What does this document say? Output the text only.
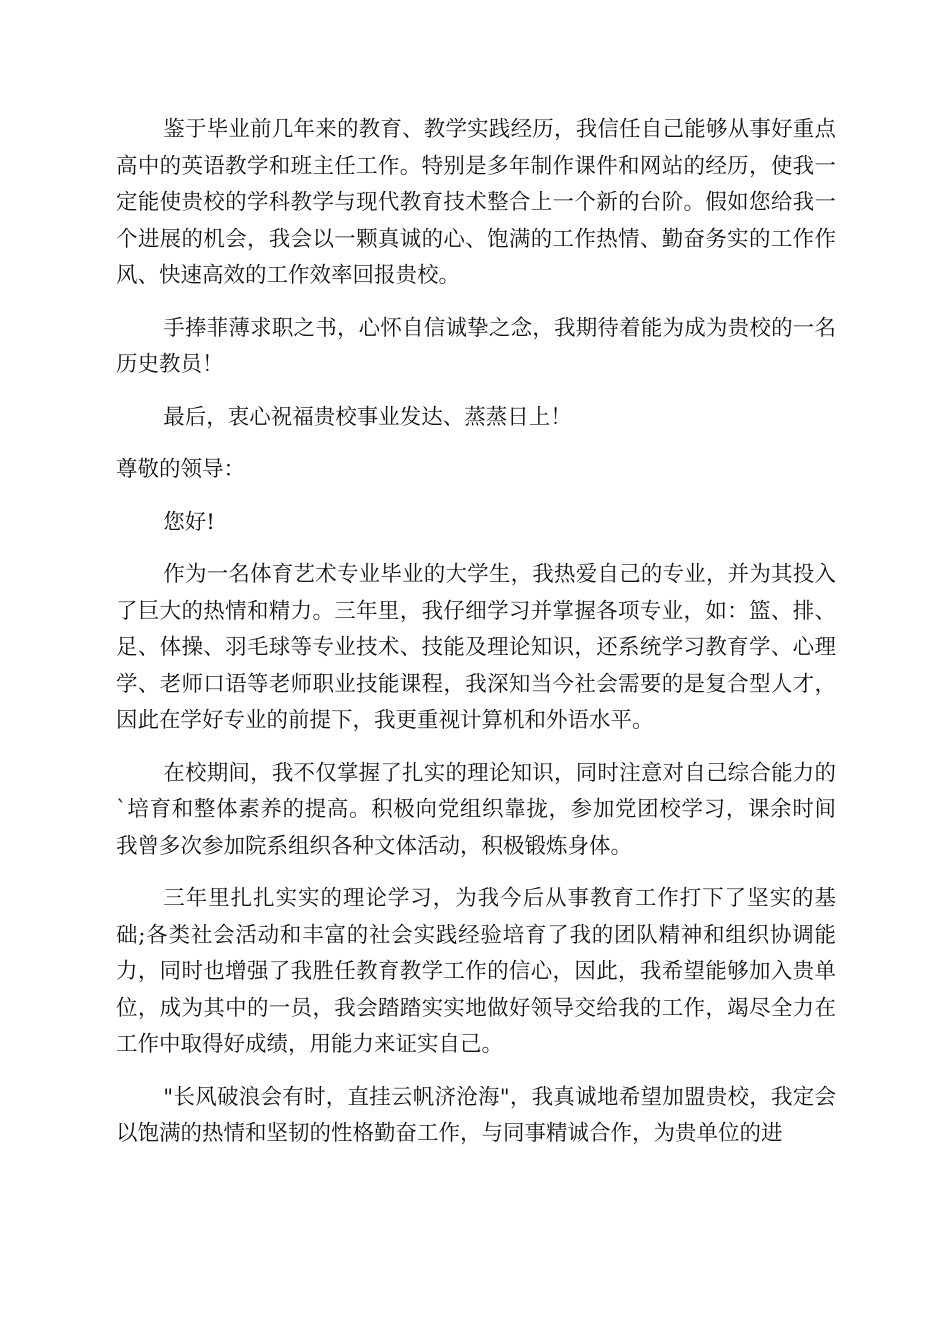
鉴于毕业前几年来的教育、教学实践经历，我信任自己能够从事好重点高中的英语教学和班主任工作。特别是多年制作课件和网站的经历，使我一定能使贵校的学科教学与现代教育技术整合上一个新的台阶。假如您给我一个进展的机会，我会以一颗真诚的心、饱满的工作热情、勤奋务实的工作作风、快速高效的工作效率回报贵校。

手捧菲薄求职之书，心怀自信诚挚之念，我期待着能为成为贵校的一名历史教员！

最后，衷心祝福贵校事业发达、蒸蒸日上！

尊敬的领导：

您好!

作为一名体育艺术专业毕业的大学生，我热爱自己的专业，并为其投入了巨大的热情和精力。三年里，我仔细学习并掌握各项专业，如：篮、排、足、体操、羽毛球等专业技术、技能及理论知识，还系统学习教育学、心理学、老师口语等老师职业技能课程，我深知当今社会需要的是复合型人才，因此在学好专业的前提下，我更重视计算机和外语水平。

在校期间，我不仅掌握了扎实的理论知识，同时注意对自己综合能力的`培育和整体素养的提高。积极向党组织靠拢，参加党团校学习，课余时间我曾多次参加院系组织各种文体活动，积极锻炼身体。

三年里扎扎实实的理论学习，为我今后从事教育工作打下了坚实的基础;各类社会活动和丰富的社会实践经验培育了我的团队精神和组织协调能力，同时也增强了我胜任教育教学工作的信心，因此，我希望能够加入贵单位，成为其中的一员，我会踏踏实实地做好领导交给我的工作，竭尽全力在工作中取得好成绩，用能力来证实自己。

"长风破浪会有时，直挂云帆济沧海"，我真诚地希望加盟贵校，我定会以饱满的热情和坚韧的性格勤奋工作，与同事精诚合作，为贵单位的进
